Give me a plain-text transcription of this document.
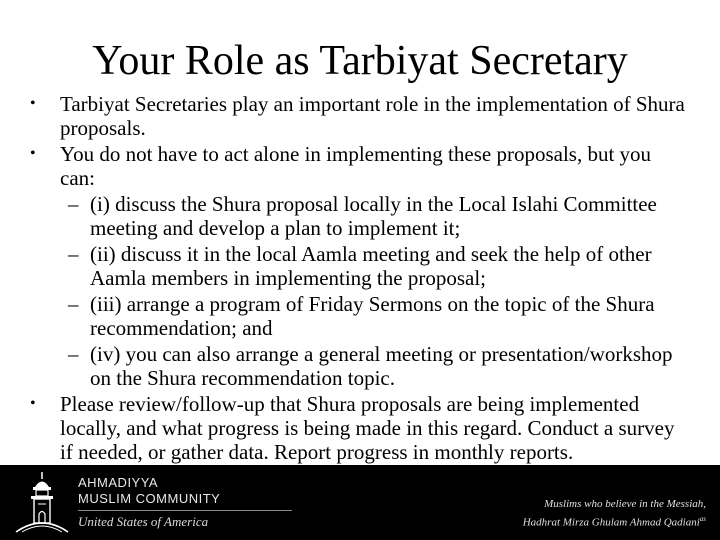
Your Role as Tarbiyat Secretary
• Tarbiyat Secretaries play an important role in the implementation of Shura proposals.
• You do not have to act alone in implementing these proposals, but you can:
– (i) discuss the Shura proposal locally in the Local Islahi Committee meeting and develop a plan to implement it;
– (ii) discuss it in the local Aamla meeting and seek the help of other Aamla members in implementing the proposal;
– (iii) arrange a program of Friday Sermons on the topic of the Shura recommendation; and
– (iv) you can also arrange a general meeting or presentation/workshop on the Shura recommendation topic.
• Please review/follow-up that Shura proposals are being implemented locally, and what progress is being made in this regard. Conduct a survey if needed, or gather data. Report progress in monthly reports.
AHMADIYYA
MUSLIM COMMUNITY
United States of America
Muslims who believe in the Messiah,
Hadhrat Mirza Ghulam Ahmad Qadiani$^{as}$
